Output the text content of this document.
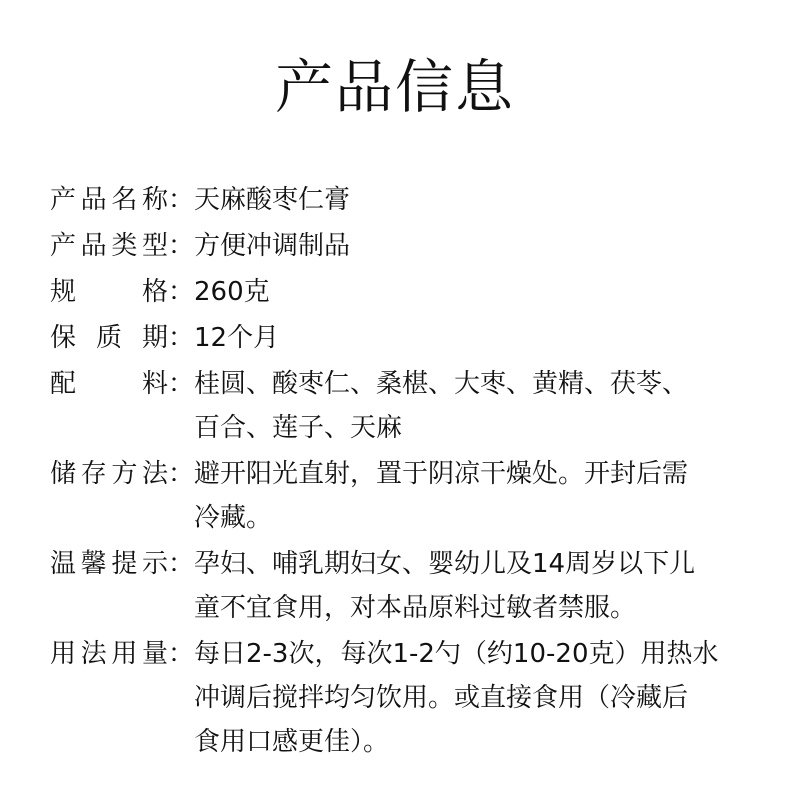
产品信息
产 品 名 称： 天麻酸枣仁膏
产 品 类 型： 方便冲调制品
规	格： 260克
保 质 期： 12个月
配	料： 桂圆、酸枣仁、桑椹、大枣、黄精、茯苓、
百合、莲子、天麻
储 存 方 法： 避开阳光直射，置于阴凉干燥处。开封后需
冷藏。
温 馨 提 示： 孕妇、哺乳期妇女、婴幼儿及14周岁以下儿
童不宜食用，对本品原料过敏者禁服。
用 法 用 量： 每日2-3次，每次1-2勺（约10-20克）用热水
冲调后搅拌均匀饮用。或直接食用（冷藏后
食用口感更佳）。
